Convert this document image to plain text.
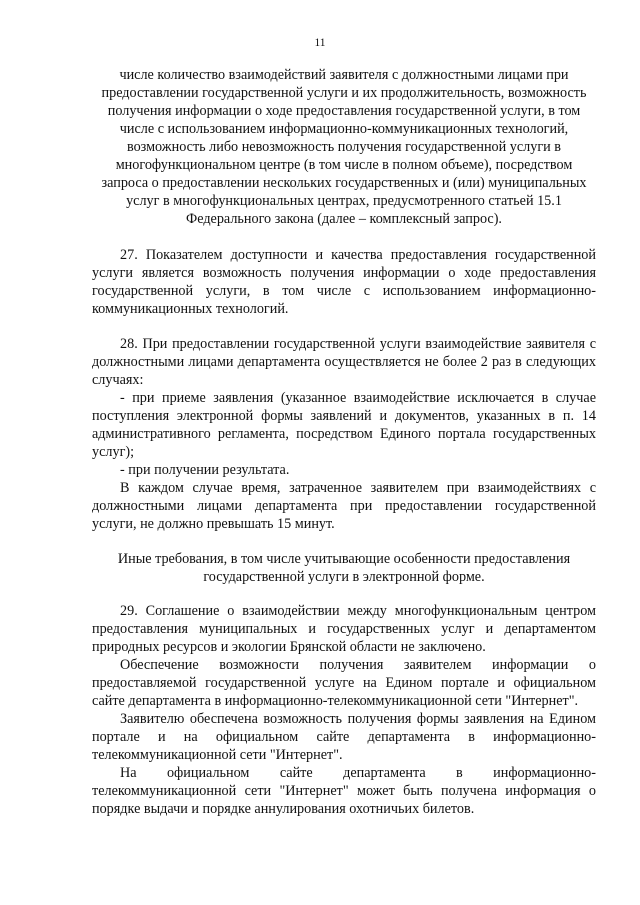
11

числе количество взаимодействий заявителя с должностными лицами при предоставлении государственной услуги и их продолжительность, возможность получения информации о ходе предоставления государственной услуги, в том числе с использованием информационно-коммуникационных технологий, возможность либо невозможность получения государственной услуги в многофункциональном центре (в том числе в полном объеме), посредством запроса о предоставлении нескольких государственных и (или) муниципальных услуг в многофункциональных центрах, предусмотренного статьей 15.1 Федерального закона (далее – комплексный запрос).

27. Показателем доступности и качества предоставления государственной услуги является возможность получения информации о ходе предоставления государственной услуги, в том числе с использованием информационно-коммуникационных технологий.

28. При предоставлении государственной услуги взаимодействие заявителя с должностными лицами департамента осуществляется не более 2 раз в следующих случаях:

- при приеме заявления (указанное взаимодействие исключается в случае поступления электронной формы заявлений и документов, указанных в п. 14 административного регламента, посредством Единого портала государственных услуг);

- при получении результата.

В каждом случае время, затраченное заявителем при взаимодействиях с должностными лицами департамента при предоставлении государственной услуги, не должно превышать 15 минут.

Иные требования, в том числе учитывающие особенности предоставления государственной услуги в электронной форме.

29. Соглашение о взаимодействии между многофункциональным центром предоставления муниципальных и государственных услуг и департаментом природных ресурсов и экологии Брянской области не заключено.

Обеспечение возможности получения заявителем информации о предоставляемой государственной услуге на Едином портале и официальном сайте департамента в информационно-телекоммуникационной сети "Интернет".

Заявителю обеспечена возможность получения формы заявления на Едином портале и на официальном сайте департамента в информационно-телекоммуникационной сети "Интернет".

На официальном сайте департамента в информационно-телекоммуникационной сети "Интернет" может быть получена информация о порядке выдачи и порядке аннулирования охотничьих билетов.
